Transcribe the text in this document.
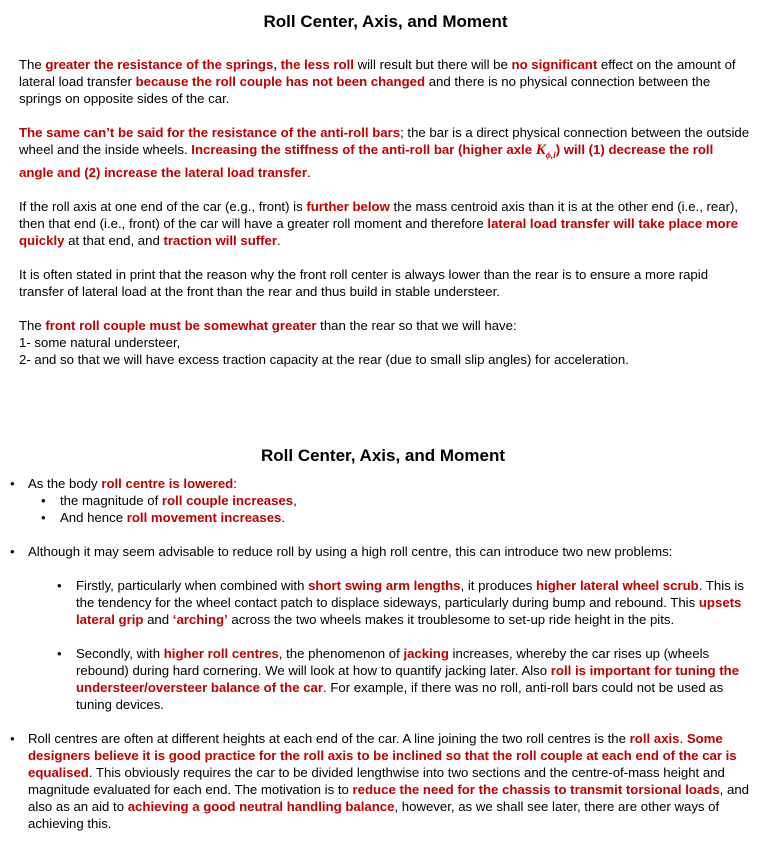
Roll Center, Axis, and Moment

The greater the resistance of the springs, the less roll will result but there will be no significant effect on the amount of lateral load transfer because the roll couple has not been changed and there is no physical connection between the springs on opposite sides of the car.

The same can’t be said for the resistance of the anti-roll bars; the bar is a direct physical connection between the outside wheel and the inside wheels. Increasing the stiffness of the anti-roll bar (higher axle $K_{\phi,i}$) will (1) decrease the roll angle and (2) increase the lateral load transfer.

If the roll axis at one end of the car (e.g., front) is further below the mass centroid axis than it is at the other end (i.e., rear), then that end (i.e., front) of the car will have a greater roll moment and therefore lateral load transfer will take place more quickly at that end, and traction will suffer.

It is often stated in print that the reason why the front roll center is always lower than the rear is to ensure a more rapid transfer of lateral load at the front than the rear and thus build in stable understeer.

The front roll couple must be somewhat greater than the rear so that we will have:
1- some natural understeer,
2- and so that we will have excess traction capacity at the rear (due to small slip angles) for acceleration.

Roll Center, Axis, and Moment
• As the body roll centre is lowered:
• the magnitude of roll couple increases,
• And hence roll movement increases.
• Although it may seem advisable to reduce roll by using a high roll centre, this can introduce two new problems:
• Firstly, particularly when combined with short swing arm lengths, it produces higher lateral wheel scrub. This is the tendency for the wheel contact patch to displace sideways, particularly during bump and rebound. This upsets lateral grip and ‘arching’ across the two wheels makes it troublesome to set-up ride height in the pits.
• Secondly, with higher roll centres, the phenomenon of jacking increases, whereby the car rises up (wheels rebound) during hard cornering. We will look at how to quantify jacking later. Also roll is important for tuning the understeer/oversteer balance of the car. For example, if there was no roll, anti-roll bars could not be used as tuning devices.
• Roll centres are often at different heights at each end of the car. A line joining the two roll centres is the roll axis. Some designers believe it is good practice for the roll axis to be inclined so that the roll couple at each end of the car is equalised. This obviously requires the car to be divided lengthwise into two sections and the centre-of-mass height and magnitude evaluated for each end. The motivation is to reduce the need for the chassis to transmit torsional loads, and also as an aid to achieving a good neutral handling balance, however, as we shall see later, there are other ways of achieving this.
